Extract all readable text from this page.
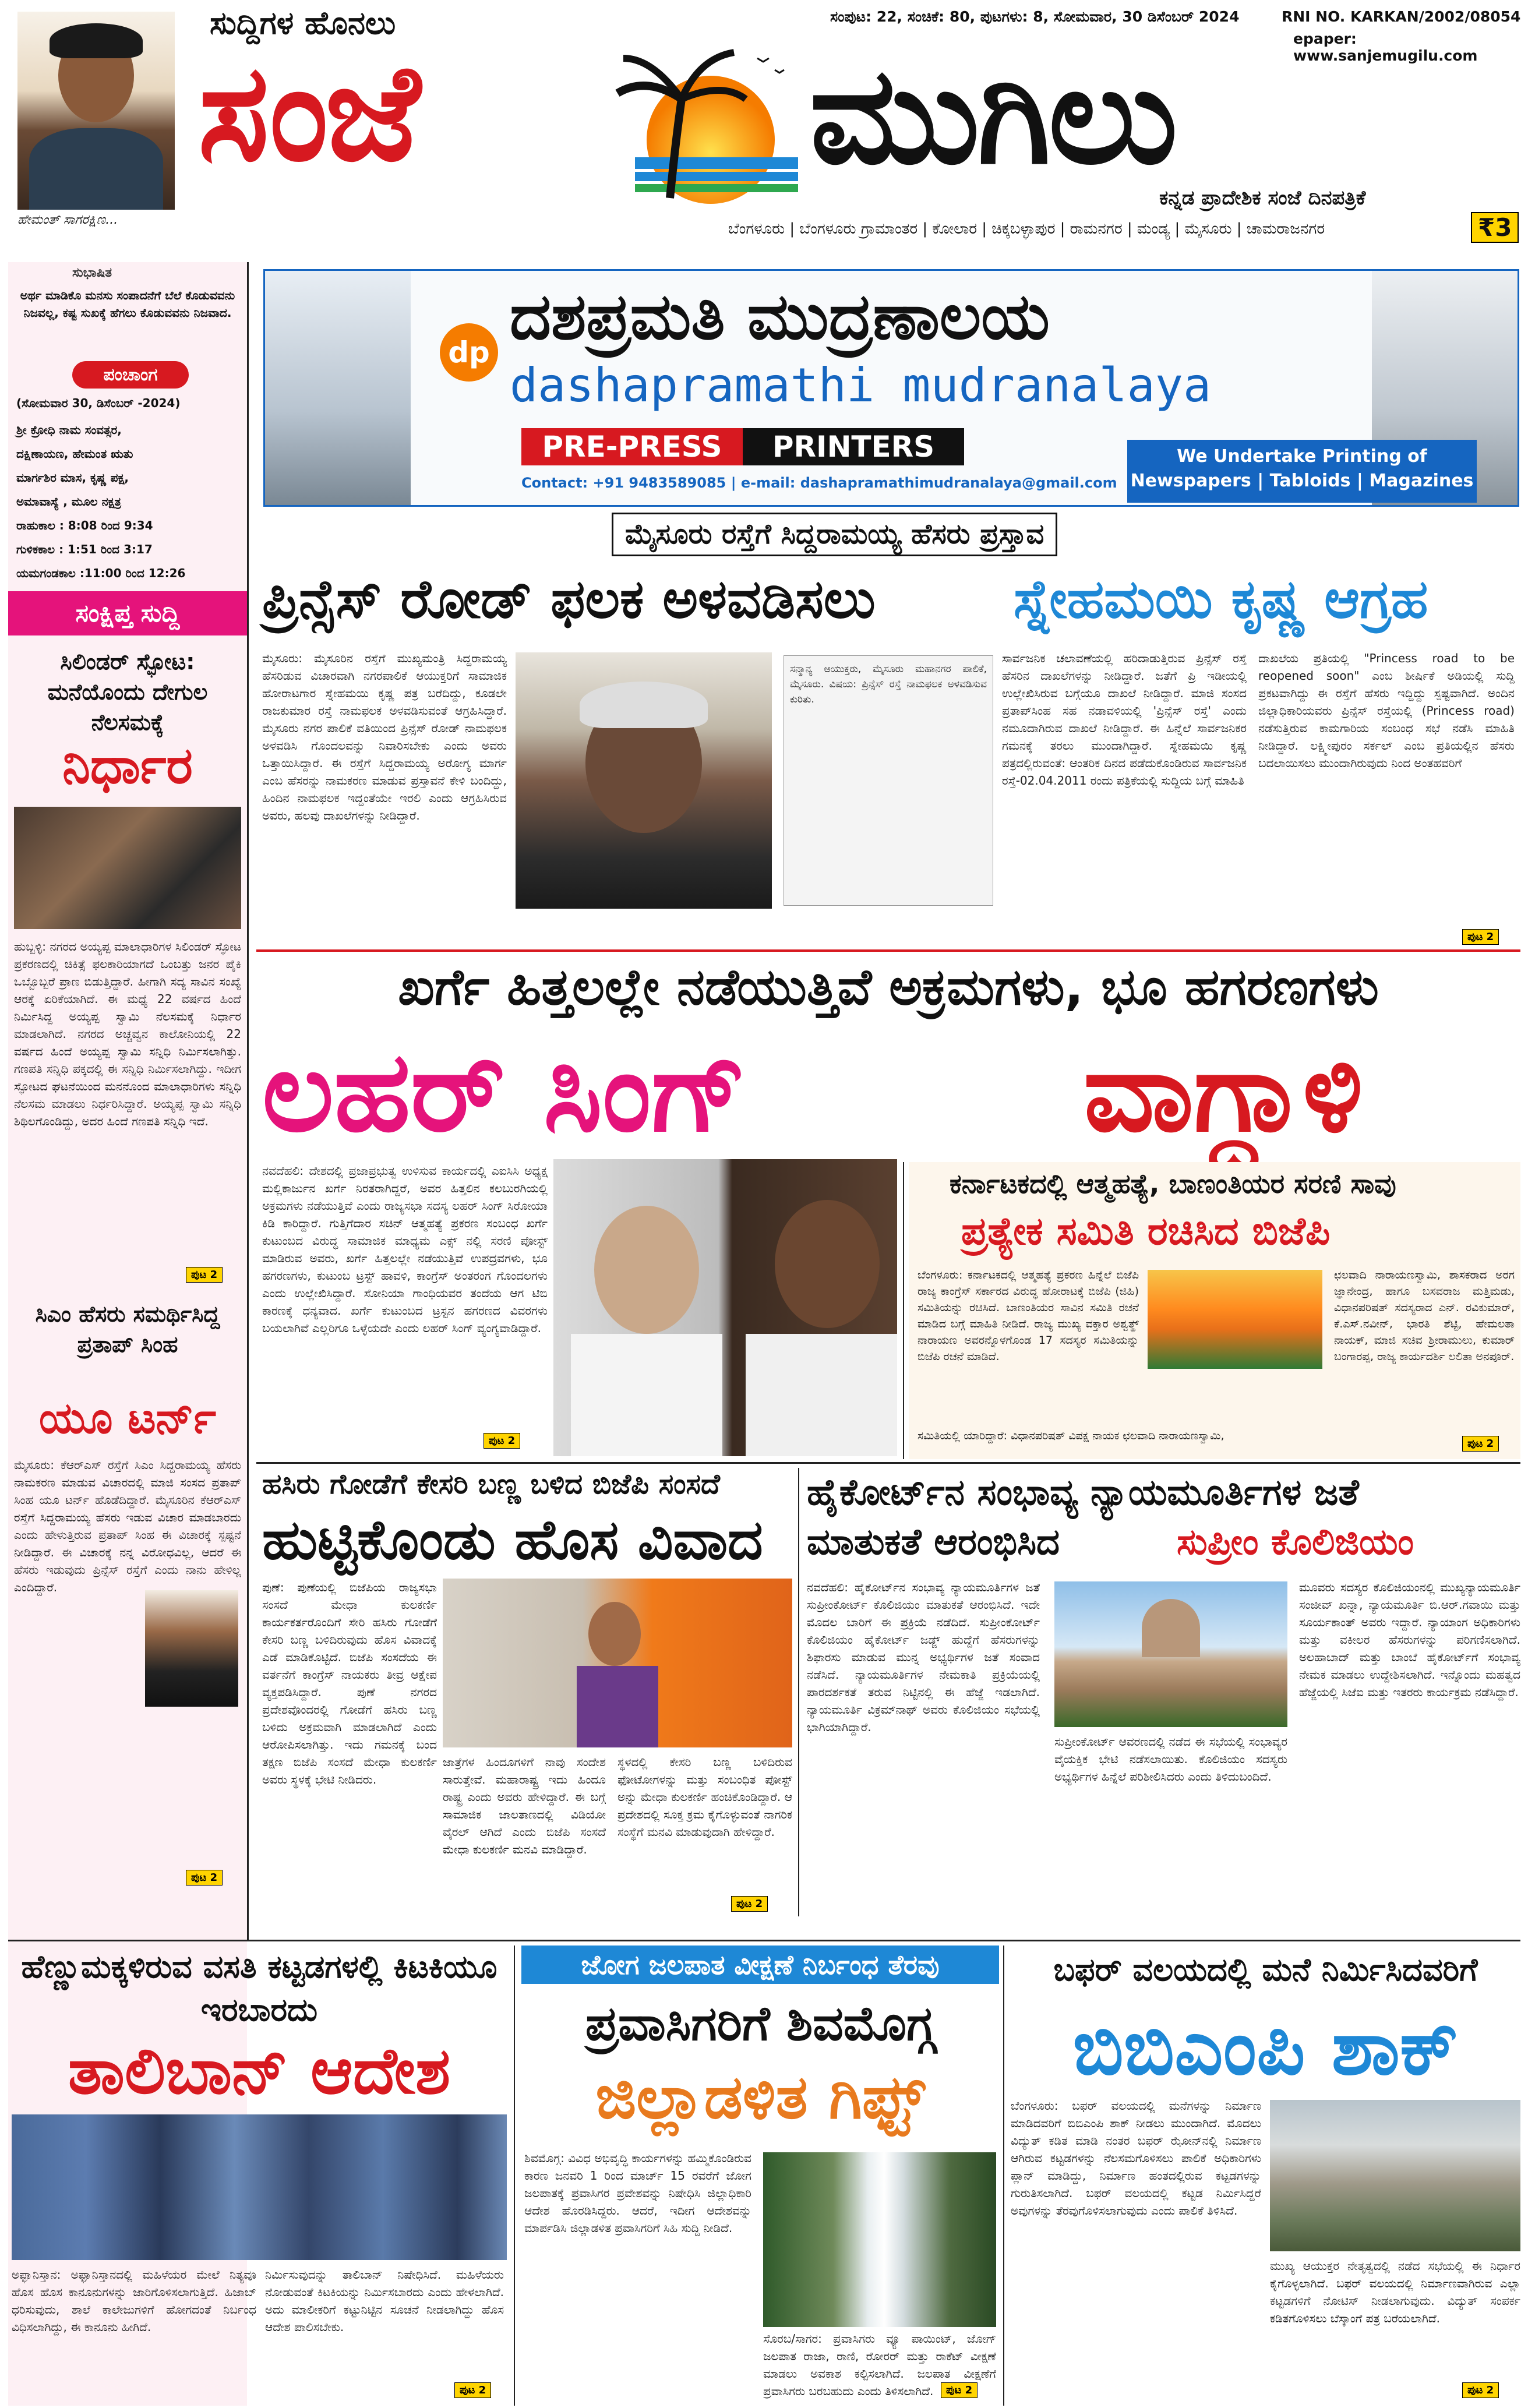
ಹೇಮಂತ್ ಸಾಗರಕ್ಷಿಣ...
ಸುದ್ದಿಗಳ ಹೊನಲು
ಸಂಜೆ	ಮುಗಿಲು
ಸಂಪುಟ: 22, ಸಂಚಿಕೆ: 80, ಪುಟಗಳು: 8, ಸೋಮವಾರ, 30 ಡಿಸೆಂಬರ್ 2024	RNI NO. KARKAN/2002/08054
epaper: www.sanjemugilu.com
ಕನ್ನಡ ಪ್ರಾದೇಶಿಕ ಸಂಜೆ ದಿನಪತ್ರಿಕೆ
ಬೆಂಗಳೂರು | ಬೆಂಗಳೂರು ಗ್ರಾಮಾಂತರ | ಕೋಲಾರ | ಚಿಕ್ಕಬಳ್ಳಾಪುರ | ರಾಮನಗರ | ಮಂಡ್ಯ | ಮೈಸೂರು | ಚಾಮರಾಜನಗರ	₹3
ಸುಭಾಷಿತ
ಅರ್ಥ ಮಾಡಿಕೊ ಮನಸು ಸಂಪಾದನೆಗೆ ಬೆಲೆ ಕೊಡುವವನು ನಿಜವಲ್ಲ, ಕಷ್ಟ ಸುಖಕ್ಕೆ ಹೆಗಲು ಕೊಡುವವನು ನಿಜವಾದ.
ಪಂಚಾಂಗ
(ಸೋಮವಾರ 30, ಡಿಸೆಂಬರ್ -2024)
ಶ್ರೀ ಕ್ರೋಧಿ ನಾಮ ಸಂವತ್ಸರ,
ದಕ್ಷಿಣಾಯಣ, ಹೇಮಂತ ಋತು
ಮಾರ್ಗಶಿರ ಮಾಸ, ಕೃಷ್ಣ ಪಕ್ಷ,
ಅಮಾವಾಸ್ಯೆ , ಮೂಲ ನಕ್ಷತ್ರ
ರಾಹುಕಾಲ : 8:08 ರಿಂದ 9:34
ಗುಳಿಕಕಾಲ : 1:51 ರಿಂದ 3:17
ಯಮಗಂಡಕಾಲ :11:00 ರಿಂದ 12:26
ಸಂಕ್ಷಿಪ್ತ ಸುದ್ದಿ
ಸಿಲಿಂಡರ್ ಸ್ಫೋಟ: ಮನೆಯೊಂದು ದೇಗುಲ ನೆಲಸಮಕ್ಕೆ
ನಿರ್ಧಾರ
ಹುಬ್ಬಳ್ಳಿ: ನಗರದ ಅಯ್ಯಪ್ಪ ಮಾಲಾಧಾರಿಗಳ ಸಿಲಿಂಡರ್ ಸ್ಫೋಟ ಪ್ರಕರಣದಲ್ಲಿ ಚಿಕಿತ್ಸೆ ಫಲಕಾರಿಯಾಗದೆ ಒಂಬತ್ತು ಜನರ ಪೈಕಿ ಒಬ್ಬೊಬ್ಬರೆ ಪ್ರಾಣ ಬಿಡುತ್ತಿದ್ದಾರೆ. ಹೀಗಾಗಿ ಸದ್ಯ ಸಾವಿನ ಸಂಖ್ಯೆ ಆರಕ್ಕೆ ಏರಿಕೆಯಾಗಿದೆ. ಈ ಮಧ್ಯೆ 22 ವರ್ಷದ ಹಿಂದೆ ನಿರ್ಮಿಸಿದ್ದ ಅಯ್ಯಪ್ಪ ಸ್ವಾಮಿ ನೆಲಸಮಕ್ಕೆ ನಿರ್ಧಾರ ಮಾಡಲಾಗಿದೆ. ನಗರದ ಅಚ್ಚವ್ವನ ಕಾಲೋನಿಯಲ್ಲಿ 22 ವರ್ಷದ ಹಿಂದೆ ಅಯ್ಯಪ್ಪ ಸ್ವಾಮಿ ಸನ್ನಿಧಿ ನಿರ್ಮಿಸಲಾಗಿತ್ತು. ಗಣಪತಿ ಸನ್ನಿಧಿ ಪಕ್ಕದಲ್ಲಿ ಈ ಸನ್ನಿಧಿ ನಿರ್ಮಿಸಲಾಗಿದ್ದು. ಇದೀಗ ಸ್ಫೋಟದ ಘಟನೆಯಿಂದ ಮನನೊಂದ ಮಾಲಾಧಾರಿಗಳು ಸನ್ನಿಧಿ ನೆಲಸಮ ಮಾಡಲು ನಿರ್ಧರಿಸಿದ್ದಾರೆ. ಅಯ್ಯಪ್ಪ ಸ್ವಾಮಿ ಸನ್ನಿಧಿ ಶಿಥಿಲಗೊಂಡಿದ್ದು, ಅದರ ಹಿಂದೆ ಗಣಪತಿ ಸನ್ನಿಧಿ ಇದೆ.
ಪುಟ 2
ಸಿಎಂ ಹೆಸರು ಸಮರ್ಥಿಸಿದ್ದ ಪ್ರತಾಪ್ ಸಿಂಹ
ಯೂ ಟರ್ನ್
ಮೈಸೂರು: ಕೆಆರ್‌ಎಸ್ ರಸ್ತೆಗೆ ಸಿಎಂ ಸಿದ್ದರಾಮಯ್ಯ ಹೆಸರು ನಾಮಕರಣ ಮಾಡುವ ವಿಚಾರದಲ್ಲಿ ಮಾಜಿ ಸಂಸದ ಪ್ರತಾಪ್ ಸಿಂಹ ಯೂ ಟರ್ನ್ ಹೊಡೆದಿದ್ದಾರೆ. ಮೈಸೂರಿನ ಕೆಆರ್‌ಎಸ್ ರಸ್ತೆಗೆ ಸಿದ್ದರಾಮಯ್ಯ ಹೆಸರು ಇಡುವ ವಿಚಾರ ಮಾಡಬಾರದು ಎಂದು ಹೇಳುತ್ತಿರುವ ಪ್ರತಾಪ್ ಸಿಂಹ ಈ ವಿಚಾರಕ್ಕೆ ಸ್ಪಷ್ಟನೆ ನೀಡಿದ್ದಾರೆ. ಈ ವಿಚಾರಕ್ಕೆ ನನ್ನ ವಿರೋಧವಿಲ್ಲ, ಆದರೆ ಈ ಹೆಸರು ಇಡುವುದು ಪ್ರಿನ್ಸೆಸ್ ರಸ್ತೆಗೆ ಎಂದು ನಾನು ಹೇಳಿಲ್ಲ ಎಂದಿದ್ದಾರೆ.
ಪುಟ 2
dp ದಶಪ್ರಮತಿ ಮುದ್ರಣಾಲಯ
dashapramathi mudranalaya
PRE-PRESS	PRINTERS
Contact: +91 9483589085 | e-mail: dashapramathimudranalaya@gmail.com
We Undertake Printing of
Newspapers | Tabloids | Magazines
ಮೈಸೂರು ರಸ್ತೆಗೆ ಸಿದ್ದರಾಮಯ್ಯ ಹೆಸರು ಪ್ರಸ್ತಾವ
ಪ್ರಿನ್ಸೆಸ್ ರೋಡ್ ಫಲಕ ಅಳವಡಿಸಲು	ಸ್ನೇಹಮಯಿ ಕೃಷ್ಣ ಆಗ್ರಹ
ಮೈಸೂರು: ಮೈಸೂರಿನ ರಸ್ತೆಗೆ ಮುಖ್ಯಮಂತ್ರಿ ಸಿದ್ದರಾಮಯ್ಯ ಹೆಸರಿಡುವ ವಿಚಾರವಾಗಿ ನಗರಪಾಲಿಕೆ ಆಯುಕ್ತರಿಗೆ ಸಾಮಾಜಿಕ ಹೋರಾಟಗಾರ ಸ್ನೇಹಮಯಿ ಕೃಷ್ಣ ಪತ್ರ ಬರೆದಿದ್ದು, ಕೂಡಲೇ ರಾಜಕುಮಾರ ರಸ್ತೆ ನಾಮಫಲಕ ಅಳವಡಿಸುವಂತೆ ಆಗ್ರಹಿಸಿದ್ದಾರೆ. ಮೈಸೂರು ನಗರ ಪಾಲಿಕೆ ವತಿಯಿಂದ ಪ್ರಿನ್ಸೆಸ್ ರೋಡ್ ನಾಮಫಲಕ ಅಳವಡಿಸಿ ಗೊಂದಲವನ್ನು ನಿವಾರಿಸಬೇಕು ಎಂದು ಅವರು ಒತ್ತಾಯಿಸಿದ್ದಾರೆ. ಈ ರಸ್ತೆಗೆ ಸಿದ್ದರಾಮಯ್ಯ ಅರೋಗ್ಯ ಮಾರ್ಗ ಎಂಬ ಹೆಸರನ್ನು ನಾಮಕರಣ ಮಾಡುವ ಪ್ರಸ್ತಾವನೆ ಕೇಳಿ ಬಂದಿದ್ದು, ಹಿಂದಿನ ನಾಮಫಲಕ ಇದ್ದಂತೆಯೇ ಇರಲಿ ಎಂದು ಆಗ್ರಹಿಸಿರುವ ಅವರು, ಹಲವು ದಾಖಲೆಗಳನ್ನು ನೀಡಿದ್ದಾರೆ.
ಸನ್ಮಾನ್ಯ ಆಯುಕ್ತರು, ಮೈಸೂರು ಮಹಾನಗರ ಪಾಲಿಕೆ, ಮೈಸೂರು. ವಿಷಯ: ಪ್ರಿನ್ಸೆಸ್ ರಸ್ತೆ ನಾಮಫಲಕ ಅಳವಡಿಸುವ ಕುರಿತು.
ಸಾರ್ವಜನಿಕ ಚಲಾವಣೆಯಲ್ಲಿ ಹರಿದಾಡುತ್ತಿರುವ ಪ್ರಿನ್ಸೆಸ್ ರಸ್ತೆ ಹೆಸರಿನ ದಾಖಲೆಗಳನ್ನು ನೀಡಿದ್ದಾರೆ. ಜತೆಗೆ ಪ್ರಿ ಇಡೀಯಲ್ಲಿ ಉಲ್ಲೇಖಿಸಿರುವ ಬಗ್ಗೆಯೂ ದಾಖಲೆ ನೀಡಿದ್ದಾರೆ. ಮಾಜಿ ಸಂಸದ ಪ್ರತಾಪ್‌ಸಿಂಹ ಸಹ ನಡಾವಳಿಯಲ್ಲಿ 'ಪ್ರಿನ್ಸೆಸ್ ರಸ್ತೆ' ಎಂದು ನಮೂದಾಗಿರುವ ದಾಖಲೆ ನೀಡಿದ್ದಾರೆ. ಈ ಹಿನ್ನೆಲೆ ಸಾರ್ವಜನಿಕರ ಗಮನಕ್ಕೆ ತರಲು ಮುಂದಾಗಿದ್ದಾರೆ. ಸ್ನೇಹಮಯಿ ಕೃಷ್ಣ ಪತ್ರದಲ್ಲಿರುವಂತೆ: ಆಂತರಿಕ ದಿನದ ಪಡೆದುಕೊಂಡಿರುವ ಸಾರ್ವಜನಿಕ ರಸ್ತೆ-02.04.2011 ರಂದು ಪತ್ರಿಕೆಯಲ್ಲಿ ಸುದ್ದಿಯ ಬಗ್ಗೆ ಮಾಹಿತಿ
ದಾಖಲೆಯ ಪ್ರತಿಯಲ್ಲಿ "Princess road to be reopened soon" ಎಂಬ ಶೀರ್ಷಿಕೆ ಅಡಿಯಲ್ಲಿ ಸುದ್ದಿ ಪ್ರಕಟವಾಗಿದ್ದು ಈ ರಸ್ತೆಗೆ ಹೆಸರು ಇದ್ದಿದ್ದು ಸ್ಪಷ್ಟವಾಗಿದೆ. ಅಂದಿನ ಜಿಲ್ಲಾಧಿಕಾರಿಯವರು ಪ್ರಿನ್ಸೆಸ್ ರಸ್ತೆಯಲ್ಲಿ (Princess road) ನಡೆಸುತ್ತಿರುವ ಕಾಮಗಾರಿಯ ಸಂಬಂಧ ಸಭೆ ನಡೆಸಿ ಮಾಹಿತಿ ನೀಡಿದ್ದಾರೆ. ಲಕ್ಷ್ಮೀಪುರಂ ಸರ್ಕಲ್ ಎಂಬ ಪ್ರತಿಯಲ್ಲಿನ ಹೆಸರು ಬದಲಾಯಿಸಲು ಮುಂದಾಗಿರುವುದು ನಿಂದ ಅಂತಹವರಿಗೆ
ಪುಟ 2
ಖರ್ಗೆ ಹಿತ್ತಲಲ್ಲೇ ನಡೆಯುತ್ತಿವೆ ಅಕ್ರಮಗಳು, ಭೂ ಹಗರಣಗಳು
ಲಹರ್ ಸಿಂಗ್	ವಾಗ್ದಾಳಿ
ನವದೆಹಲಿ: ದೇಶದಲ್ಲಿ ಪ್ರಜಾಪ್ರಭುತ್ವ ಉಳಿಸುವ ಕಾರ್ಯದಲ್ಲಿ ಎಐಸಿಸಿ ಅಧ್ಯಕ್ಷ ಮಲ್ಲಿಕಾರ್ಜುನ ಖರ್ಗೆ ನಿರತರಾಗಿದ್ದರೆ, ಅವರ ಹಿತ್ತಲಿನ ಕಲಬುರಗಿಯಲ್ಲಿ ಅಕ್ರಮಗಳು ನಡೆಯುತ್ತಿವೆ ಎಂದು ರಾಜ್ಯಸಭಾ ಸದಸ್ಯ ಲಹರ್ ಸಿಂಗ್ ಸಿರೋಯಾ ಕಿಡಿ ಕಾರಿದ್ದಾರೆ. ಗುತ್ತಿಗೆದಾರ ಸಚಿನ್ ಆತ್ಮಹತ್ಯೆ ಪ್ರಕರಣ ಸಂಬಂಧ ಖರ್ಗೆ ಕುಟುಂಬದ ವಿರುದ್ಧ ಸಾಮಾಜಿಕ ಮಾಧ್ಯಮ ಎಕ್ಸ್ ನಲ್ಲಿ ಸರಣಿ ಪೋಸ್ಟ್ ಮಾಡಿರುವ ಅವರು, ಖರ್ಗೆ ಹಿತ್ತಲಲ್ಲೇ ನಡೆಯುತ್ತಿವೆ ಉಪದ್ರವಗಳು, ಭೂ ಹಗರಣಗಳು, ಕುಟುಂಬ ಟ್ರಸ್ಟ್ ಹಾವಳಿ, ಕಾಂಗ್ರೆಸ್ ಅಂತರಂಗ ಗೊಂದಲಗಳು ಎಂದು ಉಲ್ಲೇಖಿಸಿದ್ದಾರೆ. ಸೋನಿಯಾ ಗಾಂಧಿಯವರ ತಂದೆಯ ಆಗ ಟಿಬಿ ಕಾರಣಕ್ಕೆ ಧನ್ಯವಾದ. ಖರ್ಗೆ ಕುಟುಂಬದ ಟ್ರಸ್ಟನ ಹಗರಣದ ವಿವರಗಳು ಬಯಲಾಗಿವೆ ಎಲ್ಲರಿಗೂ ಒಳ್ಳೆಯದೇ ಎಂದು ಲಹರ್ ಸಿಂಗ್ ವ್ಯಂಗ್ಯವಾಡಿದ್ದಾರೆ.
ಪುಟ 2
ಕರ್ನಾಟಕದಲ್ಲಿ ಆತ್ಮಹತ್ಯೆ, ಬಾಣಂತಿಯರ ಸರಣಿ ಸಾವು
ಪ್ರತ್ಯೇಕ ಸಮಿತಿ ರಚಿಸಿದ ಬಿಜೆಪಿ
ಬೆಂಗಳೂರು: ಕರ್ನಾಟಕದಲ್ಲಿ ಆತ್ಮಹತ್ಯೆ ಪ್ರಕರಣ ಹಿನ್ನೆಲೆ ಬಿಜೆಪಿ ರಾಜ್ಯ ಕಾಂಗ್ರೆಸ್ ಸರ್ಕಾರದ ವಿರುದ್ಧ ಹೋರಾಟಕ್ಕೆ ಬಿಜೆಪಿ (ಜಿಹಿ) ಸಮಿತಿಯನ್ನು ರಚಿಸಿದೆ. ಬಾಣಂತಿಯರ ಸಾವಿನ ಸಮಿತಿ ರಚನೆ ಮಾಡಿದ ಬಗ್ಗೆ ಮಾಹಿತಿ ನೀಡಿದೆ. ರಾಜ್ಯ ಮುಖ್ಯ ವಕ್ತಾರ ಅಶ್ವತ್ಥ್ ನಾರಾಯಣ ಅವರನ್ನೊಳಗೊಂಡ 17 ಸದಸ್ಯರ ಸಮಿತಿಯನ್ನು ಬಿಜೆಪಿ ರಚನೆ ಮಾಡಿದೆ.
ಸಮಿತಿಯಲ್ಲಿ ಯಾರಿದ್ದಾರೆ: ವಿಧಾನಪರಿಷತ್ ವಿಪಕ್ಷ ನಾಯಕ ಛಲವಾದಿ ನಾರಾಯಣಸ್ವಾಮಿ,
ಛಲವಾದಿ ನಾರಾಯಣಸ್ವಾಮಿ, ಶಾಸಕರಾದ ಅರಗ ಜ್ಞಾನೇಂದ್ರ, ಹಾಗೂ ಬಸವರಾಜ ಮತ್ತಿಮಡು, ವಿಧಾನಪರಿಷತ್ ಸದಸ್ಯರಾದ ಎನ್. ರವಿಕುಮಾರ್, ಕೆ.ಎಸ್.ನವೀನ್, ಭಾರತಿ ಶೆಟ್ಟಿ, ಹೇಮಲತಾ ನಾಯಕ್, ಮಾಜಿ ಸಚಿವ ಶ್ರೀರಾಮುಲು, ಕುಮಾರ್ ಬಂಗಾರಪ್ಪ, ರಾಜ್ಯ ಕಾರ್ಯದರ್ಶಿ ಲಲಿತಾ ಅನಪೂರ್.
ಪುಟ 2
ಹಸಿರು ಗೋಡೆಗೆ ಕೇಸರಿ ಬಣ್ಣ ಬಳಿದ ಬಿಜೆಪಿ ಸಂಸದೆ
ಹುಟ್ಟಿಕೊಂಡು ಹೊಸ ವಿವಾದ
ಪುಣೆ: ಪುಣೆಯಲ್ಲಿ ಬಿಜೆಪಿಯ ರಾಜ್ಯಸಭಾ ಸಂಸದೆ ಮೇಧಾ ಕುಲಕರ್ಣಿ ಕಾರ್ಯಕರ್ತರೊಂದಿಗೆ ಸೇರಿ ಹಸಿರು ಗೋಡೆಗೆ ಕೇಸರಿ ಬಣ್ಣ ಬಳಿದಿರುವುದು ಹೊಸ ವಿವಾದಕ್ಕೆ ಎಡೆ ಮಾಡಿಕೊಟ್ಟಿದೆ. ಬಿಜೆಪಿ ಸಂಸದೆಯ ಈ ವರ್ತನೆಗೆ ಕಾಂಗ್ರೆಸ್ ನಾಯಕರು ತೀವ್ರ ಆಕ್ಷೇಪ ವ್ಯಕ್ತಪಡಿಸಿದ್ದಾರೆ. ಪುಣೆ ನಗರದ ಪ್ರದೇಶವೊಂದರಲ್ಲಿ ಗೋಡೆಗೆ ಹಸಿರು ಬಣ್ಣ ಬಳಿದು ಅಕ್ರಮವಾಗಿ ಮಾಡಲಾಗಿದೆ ಎಂದು ಆರೋಪಿಸಲಾಗಿತ್ತು. ಇದು ಗಮನಕ್ಕೆ ಬಂದ ತಕ್ಷಣ ಬಿಜೆಪಿ ಸಂಸದೆ ಮೇಧಾ ಕುಲಕರ್ಣಿ ಅವರು ಸ್ಥಳಕ್ಕೆ ಭೇಟಿ ನೀಡಿದರು.
ಜಾತ್ರೆಗಳ ಹಿಂದೂಗಳಿಗೆ ನಾವು ಸಂದೇಶ ಸಾರುತ್ತೇವೆ. ಮಹಾರಾಷ್ಟ್ರ ಇದು ಹಿಂದೂ ರಾಷ್ಟ್ರ ಎಂದು ಅವರು ಹೇಳಿದ್ದಾರೆ. ಈ ಬಗ್ಗೆ ಸಾಮಾಜಿಕ ಜಾಲತಾಣದಲ್ಲಿ ವಿಡಿಯೋ ವೈರಲ್ ಆಗಿದೆ ಎಂದು ಬಿಜೆಪಿ ಸಂಸದೆ ಮೇಧಾ ಕುಲಕರ್ಣಿ ಮನವಿ ಮಾಡಿದ್ದಾರೆ.
ಸ್ಥಳದಲ್ಲಿ ಕೇಸರಿ ಬಣ್ಣ ಬಳಿದಿರುವ ಫೋಟೋಗಳನ್ನು ಮತ್ತು ಸಂಬಂಧಿತ ಪೋಸ್ಟ್ ಅನ್ನು ಮೇಧಾ ಕುಲಕರ್ಣಿ ಹಂಚಿಕೊಂಡಿದ್ದಾರೆ. ಆ ಪ್ರದೇಶದಲ್ಲಿ ಸೂಕ್ತ ಕ್ರಮ ಕೈಗೊಳ್ಳುವಂತೆ ನಾಗರಿಕ ಸಂಸ್ಥೆಗೆ ಮನವಿ ಮಾಡುವುದಾಗಿ ಹೇಳಿದ್ದಾರೆ.
ಪುಟ 2
ಹೈಕೋರ್ಟ್‌ನ ಸಂಭಾವ್ಯ ನ್ಯಾಯಮೂರ್ತಿಗಳ ಜತೆ
ಮಾತುಕತೆ ಆರಂಭಿಸಿದ	ಸುಪ್ರೀಂ ಕೊಲಿಜಿಯಂ
ನವದೆಹಲಿ: ಹೈಕೋರ್ಟ್‌ನ ಸಂಭಾವ್ಯ ನ್ಯಾಯಮೂರ್ತಿಗಳ ಜತೆ ಸುಪ್ರೀಂಕೋರ್ಟ್ ಕೊಲಿಜಿಯಂ ಮಾತುಕತೆ ಆರಂಭಿಸಿದೆ. ಇದೇ ಮೊದಲ ಬಾರಿಗೆ ಈ ಪ್ರಕ್ರಿಯೆ ನಡೆದಿದೆ. ಸುಪ್ರೀಂಕೋರ್ಟ್ ಕೊಲಿಜಿಯಂ ಹೈಕೋರ್ಟ್ ಜಡ್ಜ್ ಹುದ್ದೆಗೆ ಹೆಸರುಗಳನ್ನು ಶಿಫಾರಸು ಮಾಡುವ ಮುನ್ನ ಅಭ್ಯರ್ಥಿಗಳ ಜತೆ ಸಂವಾದ ನಡೆಸಿದೆ. ನ್ಯಾಯಮೂರ್ತಿಗಳ ನೇಮಕಾತಿ ಪ್ರಕ್ರಿಯೆಯಲ್ಲಿ ಪಾರದರ್ಶಕತೆ ತರುವ ನಿಟ್ಟಿನಲ್ಲಿ ಈ ಹೆಜ್ಜೆ ಇಡಲಾಗಿದೆ. ನ್ಯಾಯಮೂರ್ತಿ ವಿಕ್ರಮ್‌ನಾಥ್ ಅವರು ಕೊಲಿಜಿಯಂ ಸಭೆಯಲ್ಲಿ ಭಾಗಿಯಾಗಿದ್ದಾರೆ.
ಸುಪ್ರೀಂಕೋರ್ಟ್ ಆವರಣದಲ್ಲಿ ನಡೆದ ಈ ಸಭೆಯಲ್ಲಿ ಸಂಭಾವ್ಯರ ವೈಯಕ್ತಿಕ ಭೇಟಿ ನಡೆಸಲಾಯಿತು. ಕೊಲಿಜಿಯಂ ಸದಸ್ಯರು ಅಭ್ಯರ್ಥಿಗಳ ಹಿನ್ನೆಲೆ ಪರಿಶೀಲಿಸಿದರು ಎಂದು ತಿಳಿದುಬಂದಿದೆ.
ಮೂವರು ಸದಸ್ಯರ ಕೊಲಿಜಿಯಂನಲ್ಲಿ ಮುಖ್ಯನ್ಯಾಯಮೂರ್ತಿ ಸಂಜೀವ್ ಖನ್ನಾ, ನ್ಯಾಯಮೂರ್ತಿ ಬಿ.ಆರ್.ಗವಾಯಿ ಮತ್ತು ಸೂರ್ಯಕಾಂತ್ ಅವರು ಇದ್ದಾರೆ. ನ್ಯಾಯಾಂಗ ಅಧಿಕಾರಿಗಳು ಮತ್ತು ವಕೀಲರ ಹೆಸರುಗಳನ್ನು ಪರಿಗಣಿಸಲಾಗಿದೆ. ಅಲಹಾಬಾದ್ ಮತ್ತು ಬಾಂಬೆ ಹೈಕೋರ್ಟ್‌ಗೆ ಸಂಭಾವ್ಯ ನೇಮಕ ಮಾಡಲು ಉದ್ದೇಶಿಸಲಾಗಿದೆ. ಇನ್ನೊಂದು ಮಹತ್ವದ ಹೆಜ್ಜೆಯಲ್ಲಿ ಸಿಜೆಐ ಮತ್ತು ಇತರರು ಕಾರ್ಯಕ್ರಮ ನಡೆಸಿದ್ದಾರೆ.
ಹೆಣ್ಣುಮಕ್ಕಳಿರುವ ವಸತಿ ಕಟ್ಟಡಗಳಲ್ಲಿ ಕಿಟಕಿಯೂ ಇರಬಾರದು
ತಾಲಿಬಾನ್ ಆದೇಶ
ಅಫ್ಘಾನಿಸ್ತಾನ: ಅಫ್ಘಾನಿಸ್ತಾನದಲ್ಲಿ ಮಹಿಳೆಯರ ಮೇಲೆ ನಿತ್ಯವೂ ಹೊಸ ಹೊಸ ಕಾನೂನುಗಳನ್ನು ಜಾರಿಗೊಳಿಸಲಾಗುತ್ತಿದೆ. ಹಿಜಾಬ್ ಧರಿಸುವುದು, ಶಾಲೆ ಕಾಲೇಜುಗಳಿಗೆ ಹೋಗದಂತೆ ನಿರ್ಬಂಧ ವಿಧಿಸಲಾಗಿದ್ದು, ಈ ಕಾನೂನು ಹೀಗಿದೆ.
ನಿರ್ಮಿಸುವುದನ್ನು ತಾಲಿಬಾನ್ ನಿಷೇಧಿಸಿದೆ. ಮಹಿಳೆಯರು ನೋಡುವಂತೆ ಕಿಟಕಿಯನ್ನು ನಿರ್ಮಿಸಬಾರದು ಎಂದು ಹೇಳಲಾಗಿದೆ. ಅದು ಮಾಲೀಕರಿಗೆ ಕಟ್ಟುನಿಟ್ಟಿನ ಸೂಚನೆ ನೀಡಲಾಗಿದ್ದು ಹೊಸ ಆದೇಶ ಪಾಲಿಸಬೇಕು.
ಪುಟ 2
ಜೋಗ ಜಲಪಾತ ವೀಕ್ಷಣೆ ನಿರ್ಬಂಧ ತೆರವು
ಪ್ರವಾಸಿಗರಿಗೆ ಶಿವಮೊಗ್ಗ
ಜಿಲ್ಲಾಡಳಿತ ಗಿಫ್ಟ್
ಶಿವಮೊಗ್ಗ: ವಿವಿಧ ಅಭಿವೃದ್ಧಿ ಕಾರ್ಯಗಳನ್ನು ಹಮ್ಮಿಕೊಂಡಿರುವ ಕಾರಣ ಜನವರಿ 1 ರಿಂದ ಮಾರ್ಚ್ 15 ರವರೆಗೆ ಜೋಗ ಜಲಪಾತಕ್ಕೆ ಪ್ರವಾಸಿಗರ ಪ್ರವೇಶವನ್ನು ನಿಷೇಧಿಸಿ ಜಿಲ್ಲಾಧಿಕಾರಿ ಆದೇಶ ಹೊರಡಿಸಿದ್ದರು. ಆದರೆ, ಇದೀಗ ಆದೇಶವನ್ನು ಮಾರ್ಪಡಿಸಿ ಜಿಲ್ಲಾಡಳಿತ ಪ್ರವಾಸಿಗರಿಗೆ ಸಿಹಿ ಸುದ್ದಿ ನೀಡಿದೆ.
ಸೊರಬ/ಸಾಗರ: ಪ್ರವಾಸಿಗರು ವ್ಯೂ ಪಾಯಿಂಟ್, ಜೋಗ್ ಜಲಪಾತ ರಾಜಾ, ರಾಣಿ, ರೋರರ್ ಮತ್ತು ರಾಕೆಟ್ ವೀಕ್ಷಣೆ ಮಾಡಲು ಅವಕಾಶ ಕಲ್ಪಿಸಲಾಗಿದೆ. ಜಲಪಾತ ವೀಕ್ಷಣೆಗೆ ಪ್ರವಾಸಿಗರು ಬರಬಹುದು ಎಂದು ತಿಳಿಸಲಾಗಿದೆ.	ಪುಟ 2
ಬಫರ್ ವಲಯದಲ್ಲಿ ಮನೆ ನಿರ್ಮಿಸಿದವರಿಗೆ
ಬಿಬಿಎಂಪಿ ಶಾಕ್
ಬೆಂಗಳೂರು: ಬಫರ್ ವಲಯದಲ್ಲಿ ಮನೆಗಳನ್ನು ನಿರ್ಮಾಣ ಮಾಡಿದವರಿಗೆ ಬಿಬಿಎಂಪಿ ಶಾಕ್ ನೀಡಲು ಮುಂದಾಗಿದೆ. ಮೊದಲು ವಿದ್ಯುತ್ ಕಡಿತ ಮಾಡಿ ನಂತರ ಬಫರ್ ಝೋನ್‌ನಲ್ಲಿ ನಿರ್ಮಾಣ ಆಗಿರುವ ಕಟ್ಟಡಗಳನ್ನು ನೆಲಸಮಗೊಳಿಸಲು ಪಾಲಿಕೆ ಅಧಿಕಾರಿಗಳು ಪ್ಲಾನ್ ಮಾಡಿದ್ದು, ನಿರ್ಮಾಣ ಹಂತದಲ್ಲಿರುವ ಕಟ್ಟಡಗಳನ್ನು ಗುರುತಿಸಲಾಗಿದೆ. ಬಫರ್ ವಲಯದಲ್ಲಿ ಕಟ್ಟಡ ನಿರ್ಮಿಸಿದ್ದರೆ ಅವುಗಳನ್ನು ತೆರವುಗೊಳಿಸಲಾಗುವುದು ಎಂದು ಪಾಲಿಕೆ ತಿಳಿಸಿದೆ.
ಮುಖ್ಯ ಆಯುಕ್ತರ ನೇತೃತ್ವದಲ್ಲಿ ನಡೆದ ಸಭೆಯಲ್ಲಿ ಈ ನಿರ್ಧಾರ ಕೈಗೊಳ್ಳಲಾಗಿದೆ. ಬಫರ್ ವಲಯದಲ್ಲಿ ನಿರ್ಮಾಣವಾಗಿರುವ ಎಲ್ಲಾ ಕಟ್ಟಡಗಳಿಗೆ ನೋಟಿಸ್ ನೀಡಲಾಗುವುದು. ವಿದ್ಯುತ್ ಸಂಪರ್ಕ ಕಡಿತಗೊಳಿಸಲು ಬೆಸ್ಕಾಂಗೆ ಪತ್ರ ಬರೆಯಲಾಗಿದೆ.
ಪುಟ 2
